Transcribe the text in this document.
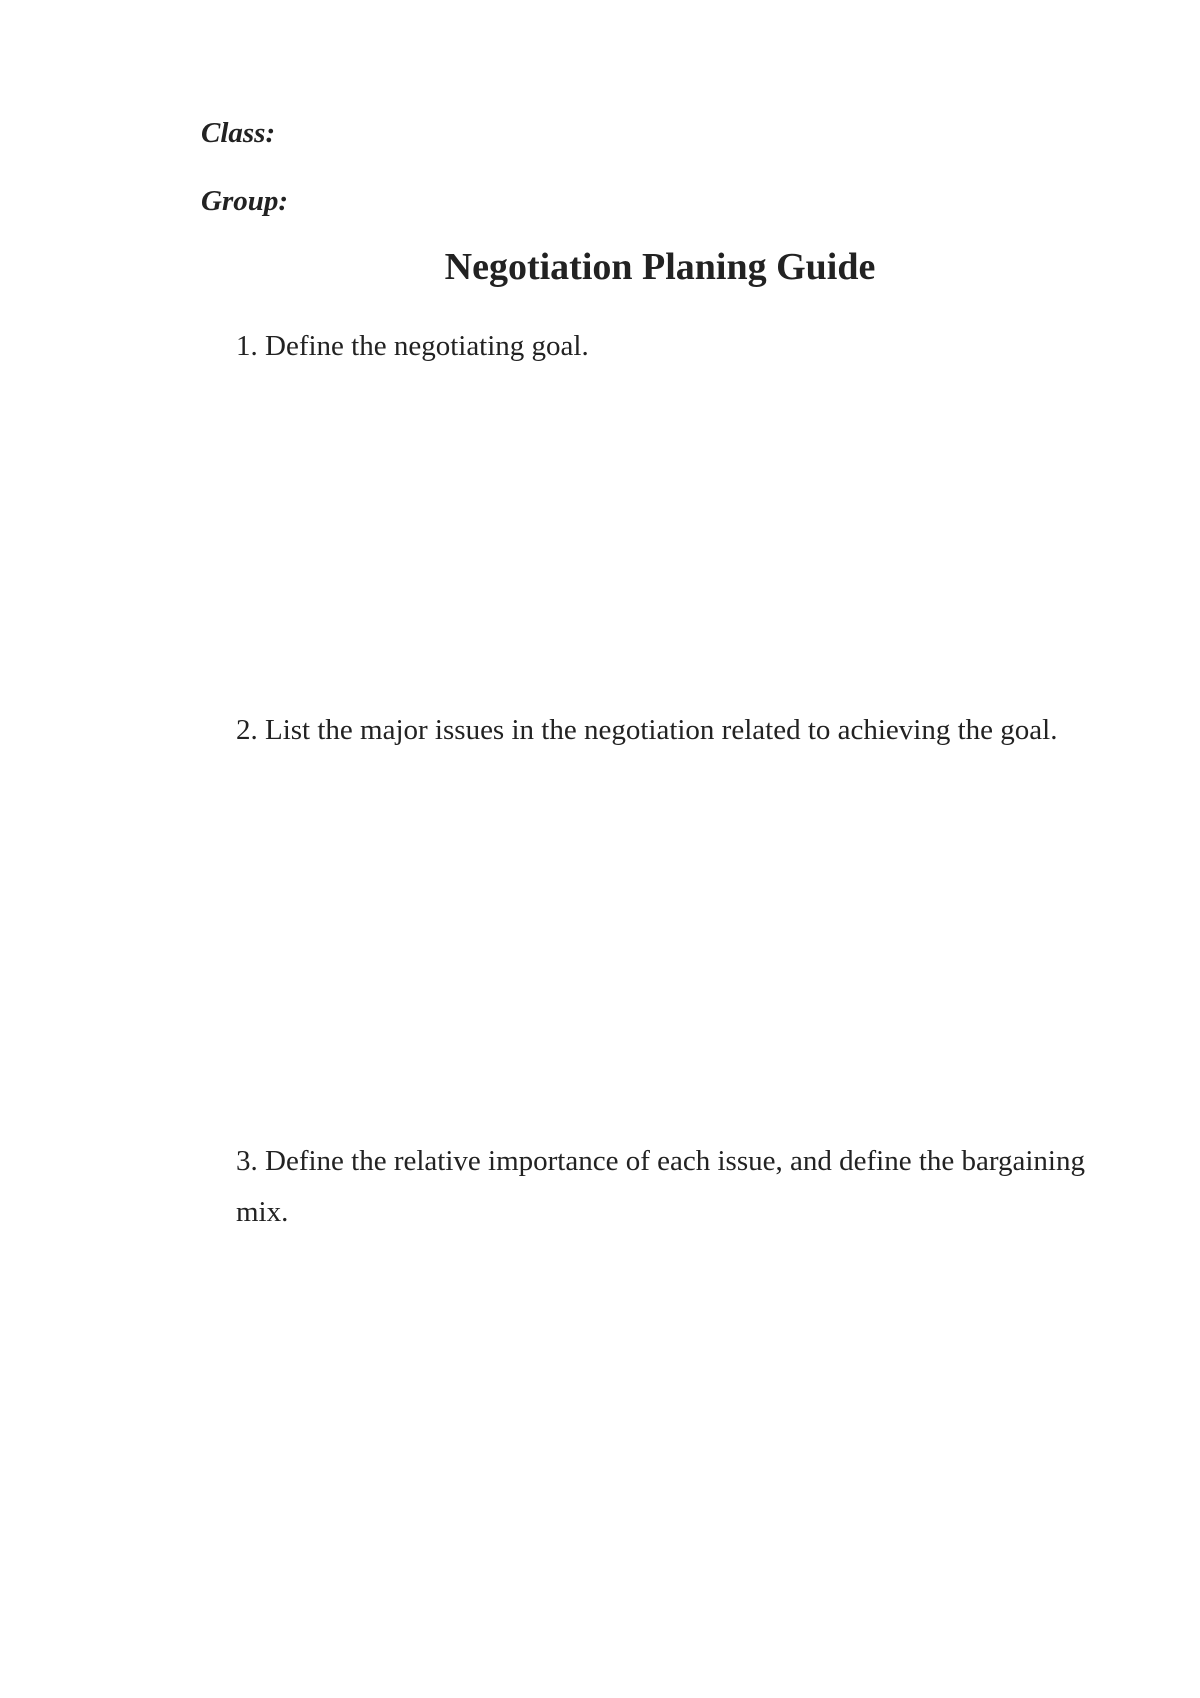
Class:
Group:
Negotiation Planing Guide

1. Define the negotiating goal.

2. List the major issues in the negotiation related to achieving the goal.

3. Define the relative importance of each issue, and define the bargaining mix.
